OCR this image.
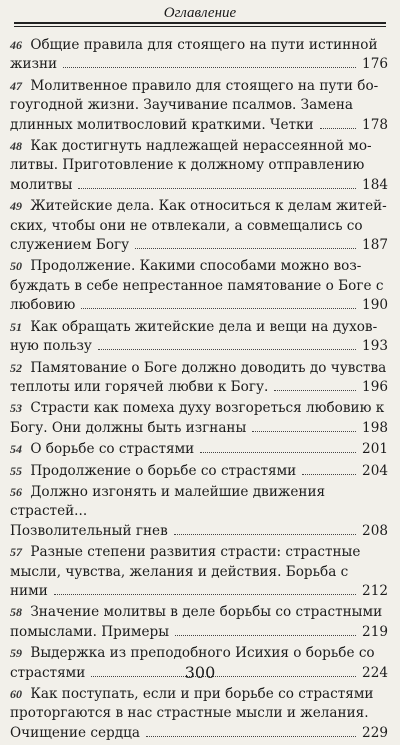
Оглавление
46 Общие правила для стоящего на пути истинной
жизни	176
47 Молитвенное правило для стоящего на пути бо-
гоугодной жизни. Заучивание псалмов. Замена
длинных молитвословий краткими. Четки	178
48 Как достигнуть надлежащей нерассеянной мо-
литвы. Приготовление к должному отправлению
молитвы	184
49 Житейские дела. Как относиться к делам житей-
ских, чтобы они не отвлекали, а совмещались со
служением Богу	187
50 Продолжение. Какими способами можно воз-
буждать в себе непрестанное памятование о Боге с
любовию	190
51 Как обращать житейские дела и вещи на духов-
ную пользу	193
52 Памятование о Боге должно доводить до чувства
теплоты или горячей любви к Богу.	196
53 Страсти как помеха духу возгореться любовию к
Богу. Они должны быть изгнаны	198
54
О борьбе со страстями	201
55
Продолжение о борьбе со страстями	204
56 Должно изгонять и малейшие движения страстей...
Позволительный гнев	208
57 Разные степени развития страсти: страстные
мысли, чувства, желания и действия. Борьба с
ними	212
58 Значение молитвы в деле борьбы со страстными
помыслами. Примеры	219
59 Выдержка из преподобного Исихия о борьбе со
страстями	224
60 Как поступать, если и при борьбе со страстями
проторгаются в нас страстные мысли и желания.
Очищение сердца	229
300
